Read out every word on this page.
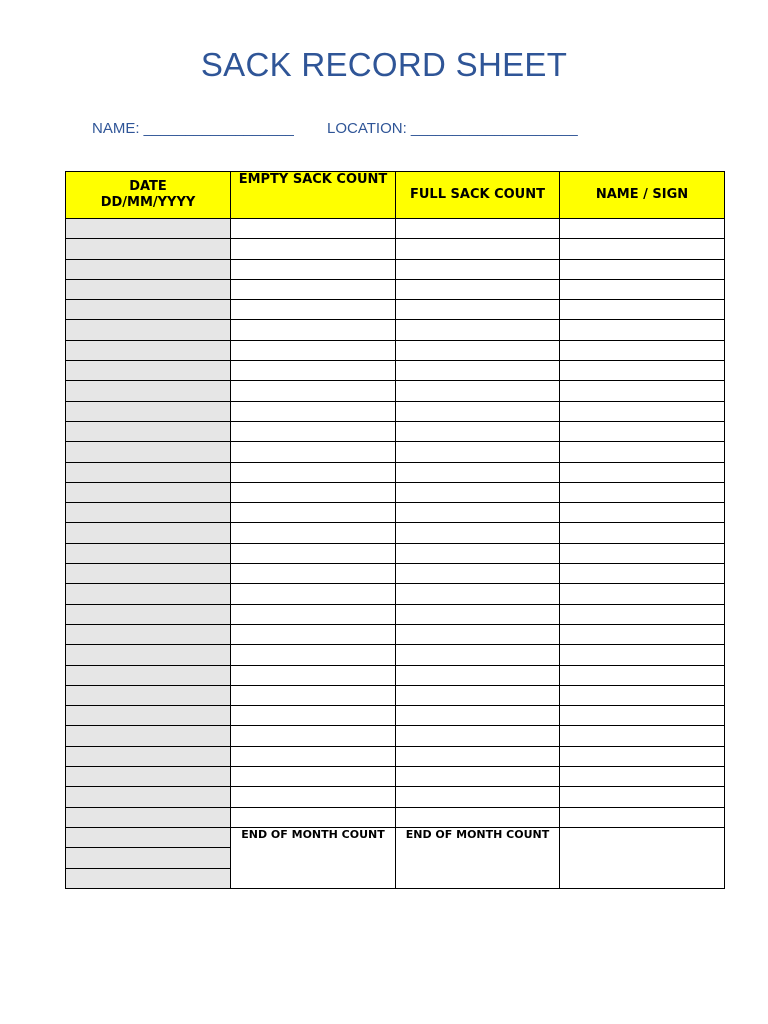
SACK RECORD SHEET
NAME: __________________ LOCATION: ____________________
DATE
DD/MM/YYYY	EMPTY SACK COUNT	FULL SACK COUNT	NAME / SIGN

	END OF MONTH COUNT	END OF MONTH COUNT	
